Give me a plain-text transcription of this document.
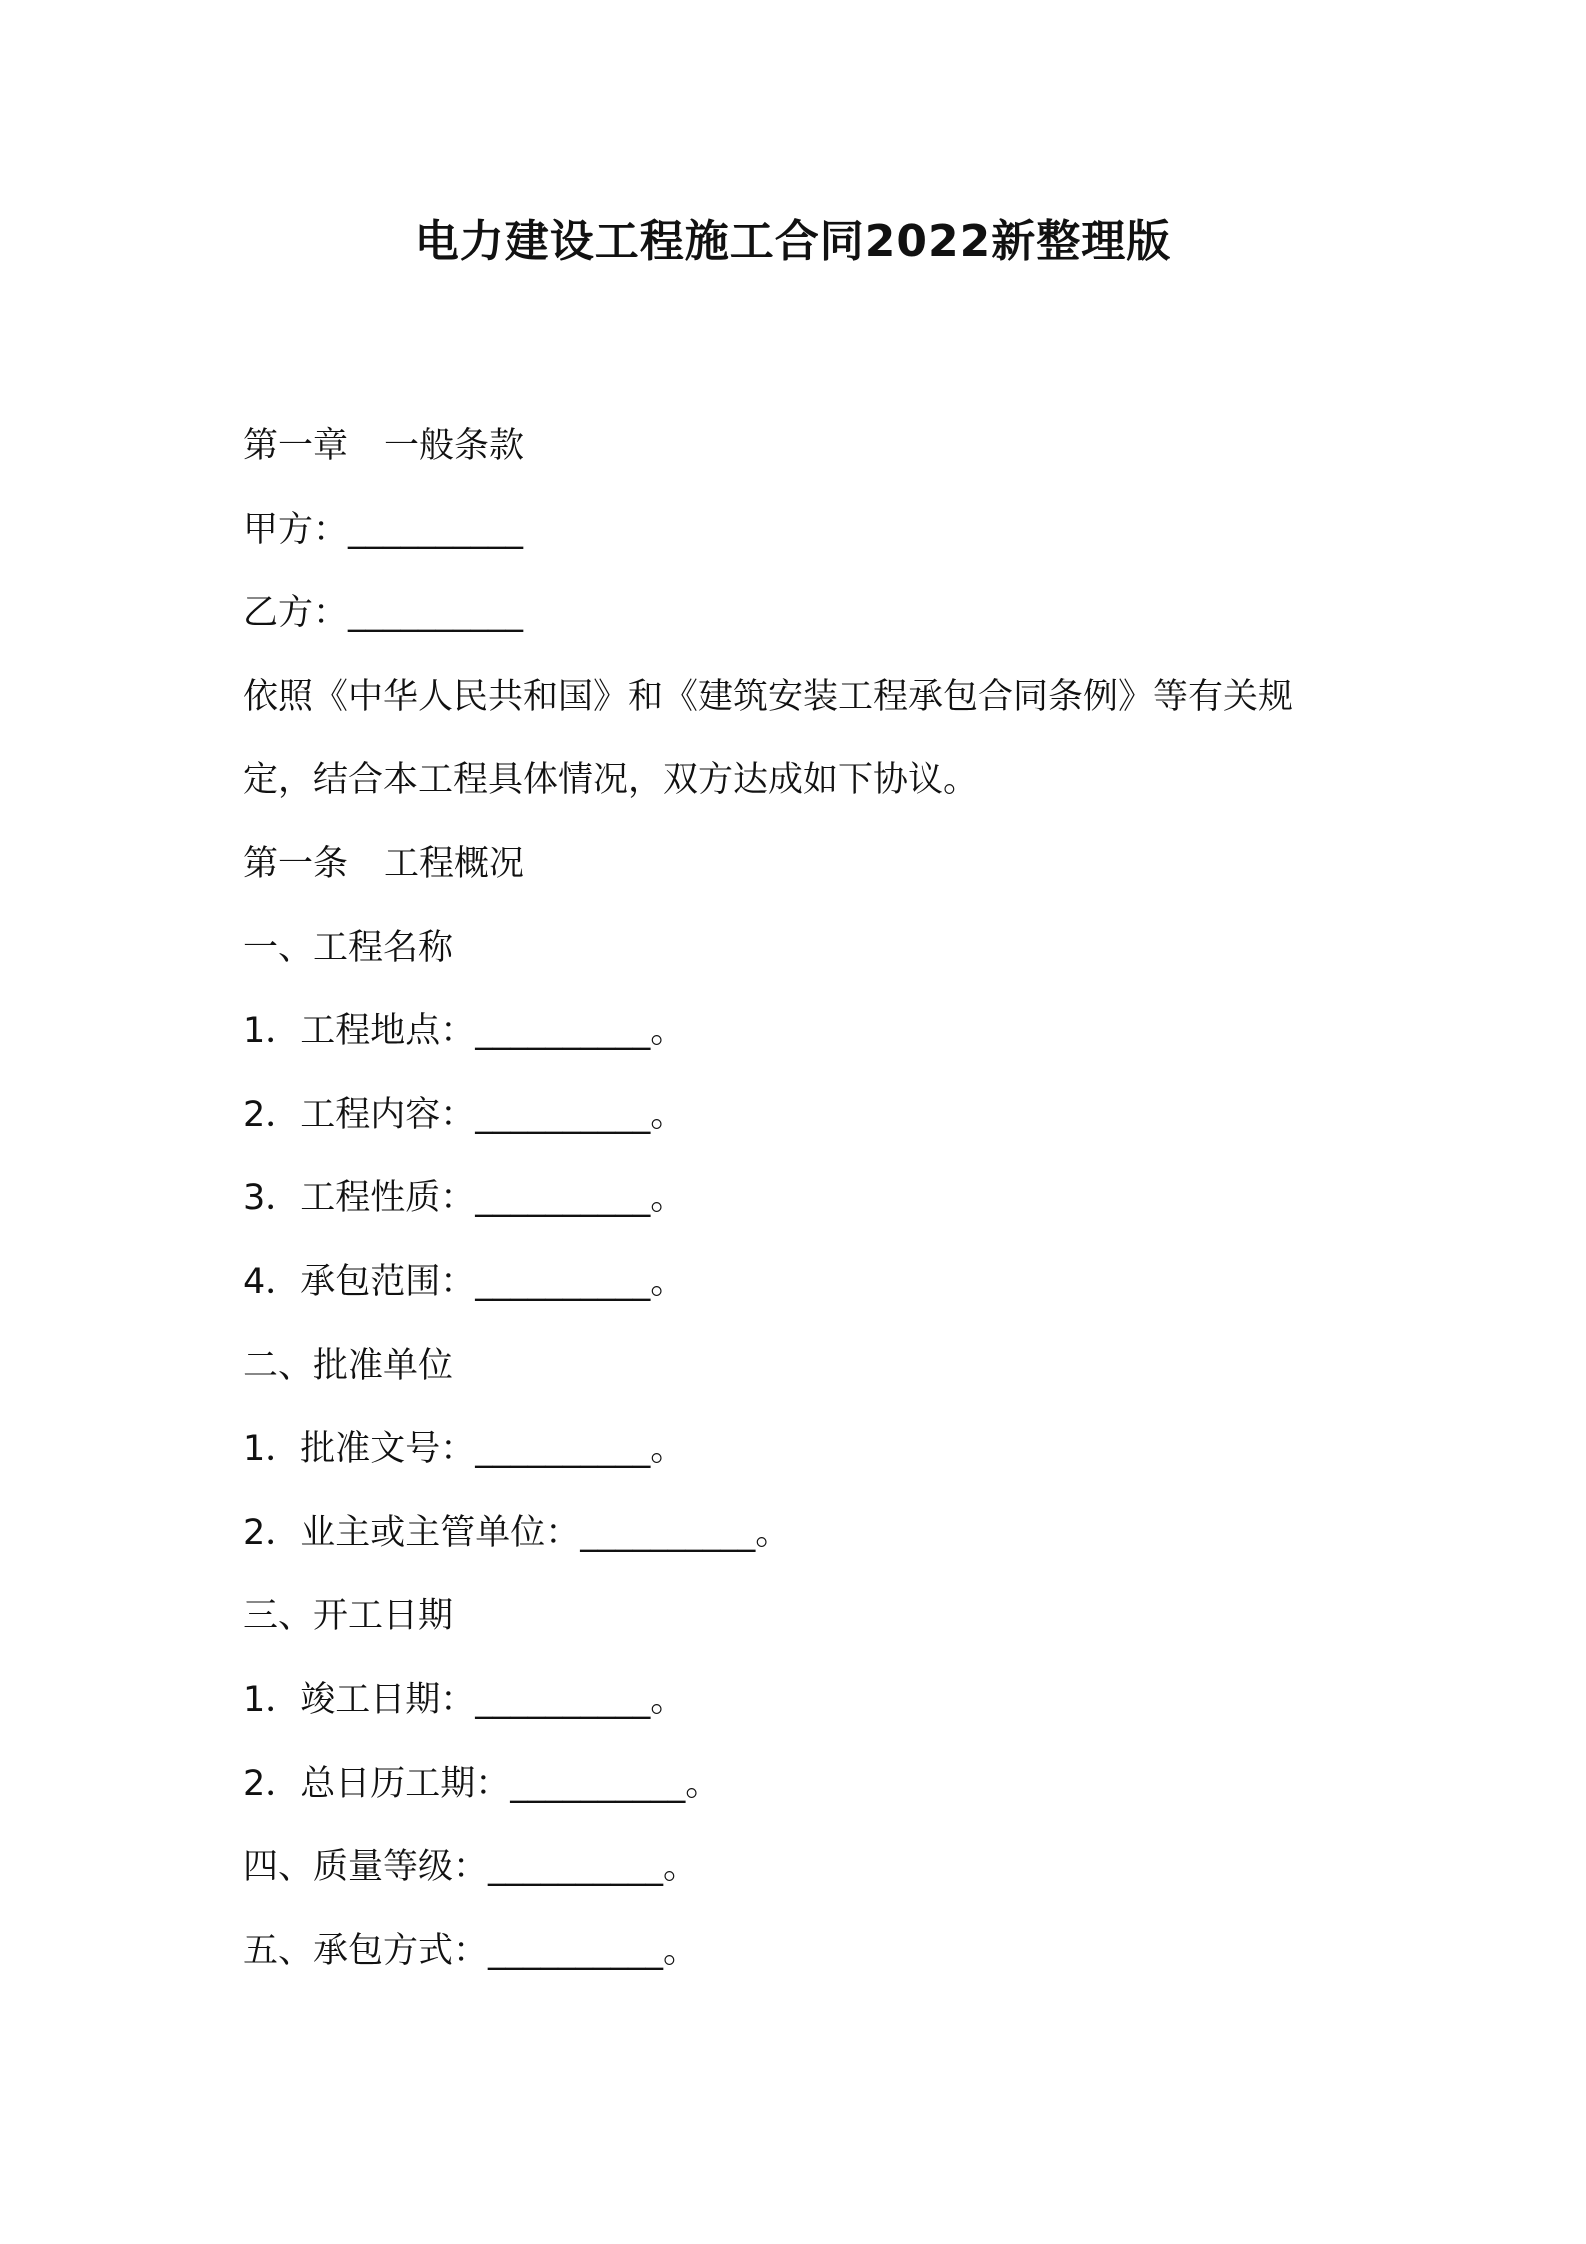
电力建设工程施工合同2022新整理版
第一章 一般条款
甲方：__________
乙方：__________
依照《中华人民共和国》和《建筑安装工程承包合同条例》等有关规
定，结合本工程具体情况，双方达成如下协议。
第一条 工程概况
一、工程名称
1．工程地点：__________。
2．工程内容：__________。
3．工程性质：__________。
4．承包范围：__________。
二、批准单位
1．批准文号：__________。
2．业主或主管单位：__________。
三、开工日期
1．竣工日期：__________。
2．总日历工期：__________。
四、质量等级：__________。
五、承包方式：__________。
